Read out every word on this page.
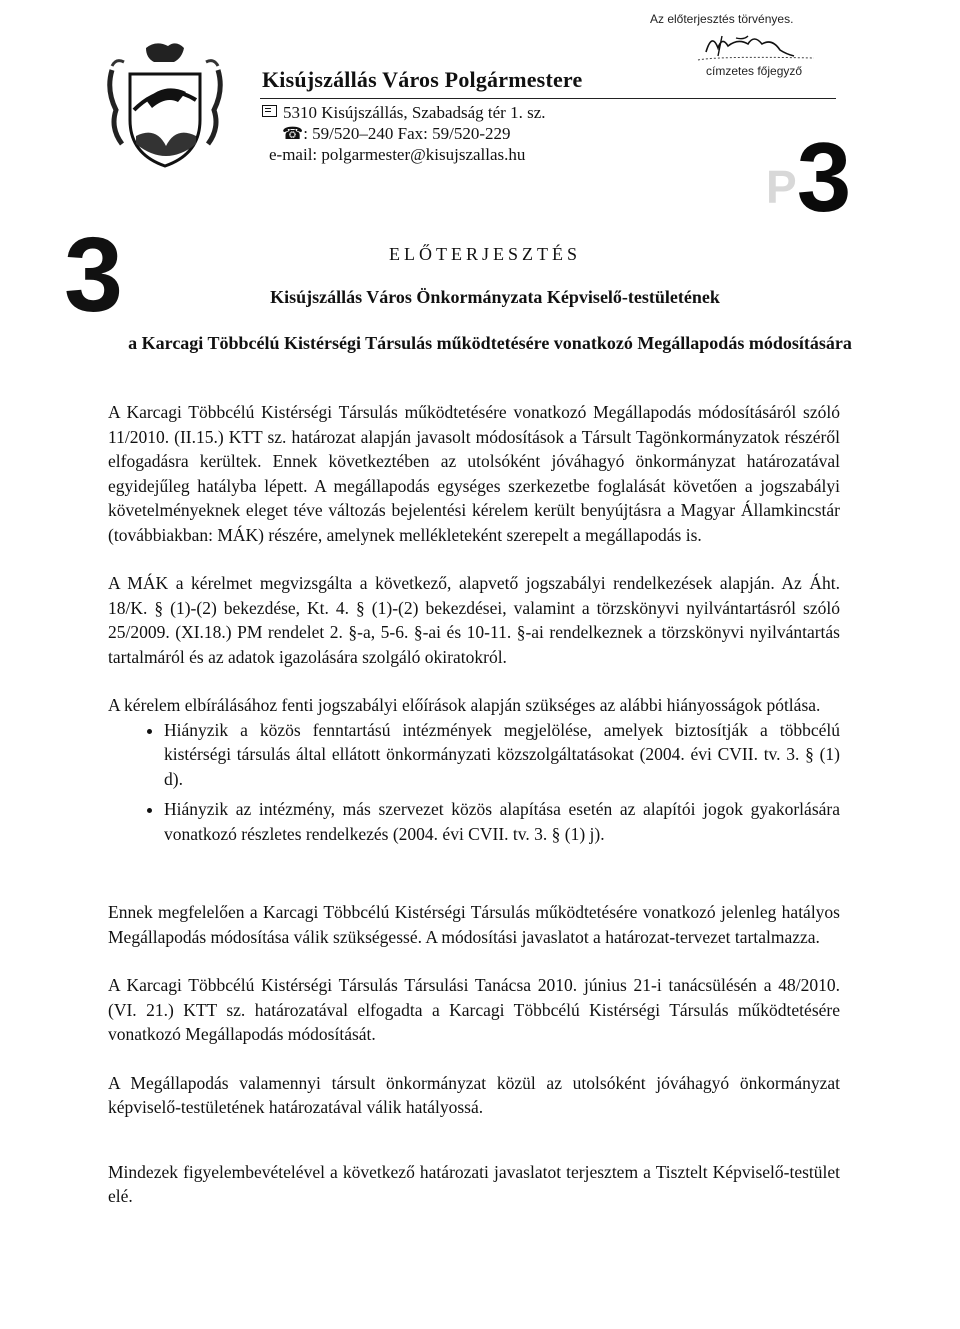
Kisújszállás Város Polgármestere
5310 Kisújszállás, Szabadság tér 1. sz.
☎: 59/520–240 Fax: 59/520-229
e-mail: polgarmester@kisujszallas.hu
Az előterjesztés törvényes.
címzetes főjegyző
P3
3	ELŐTERJESZTÉS
Kisújszállás Város Önkormányzata Képviselő-testületének
a Karcagi Többcélú Kistérségi Társulás működtetésére vonatkozó Megállapodás módosítására

A Karcagi Többcélú Kistérségi Társulás működtetésére vonatkozó Megállapodás módosításáról szóló 11/2010. (II.15.) KTT sz. határozat alapján javasolt módosítások a Társult Tagönkormányzatok részéről elfogadásra kerültek. Ennek következtében az utolsóként jóváhagyó önkormányzat határozatával egyidejűleg hatályba lépett. A megállapodás egységes szerkezetbe foglalását követően a jogszabályi követelményeknek eleget téve változás bejelentési kérelem került benyújtásra a Magyar Államkincstár (továbbiakban: MÁK) részére, amelynek mellékleteként szerepelt a megállapodás is.

A MÁK a kérelmet megvizsgálta a következő, alapvető jogszabályi rendelkezések alapján. Az Áht. 18/K. § (1)-(2) bekezdése, Kt. 4. § (1)-(2) bekezdései, valamint a törzskönyvi nyilvántartásról szóló 25/2009. (XI.18.) PM rendelet 2. §-a, 5-6. §-ai és 10-11. §-ai rendelkeznek a törzskönyvi nyilvántartás tartalmáról és az adatok igazolására szolgáló okiratokról.

A kérelem elbírálásához fenti jogszabályi előírások alapján szükséges az alábbi hiányosságok pótlása.

• Hiányzik a közös fenntartású intézmények megjelölése, amelyek biztosítják a többcélú kistérségi társulás által ellátott önkormányzati közszolgáltatásokat (2004. évi CVII. tv. 3. § (1) d).
• Hiányzik az intézmény, más szervezet közös alapítása esetén az alapítói jogok gyakorlására vonatkozó részletes rendelkezés (2004. évi CVII. tv. 3. § (1) j).

Ennek megfelelően a Karcagi Többcélú Kistérségi Társulás működtetésére vonatkozó jelenleg hatályos Megállapodás módosítása válik szükségessé. A módosítási javaslatot a határozat-tervezet tartalmazza.

A Karcagi Többcélú Kistérségi Társulás Társulási Tanácsa 2010. június 21-i tanácsülésén a 48/2010. (VI. 21.) KTT sz. határozatával elfogadta a Karcagi Többcélú Kistérségi Társulás működtetésére vonatkozó Megállapodás módosítását.

A Megállapodás valamennyi társult önkormányzat közül az utolsóként jóváhagyó önkormányzat képviselő-testületének határozatával válik hatályossá.

Mindezek figyelembevételével a következő határozati javaslatot terjesztem a Tisztelt Képviselő-testület elé.
